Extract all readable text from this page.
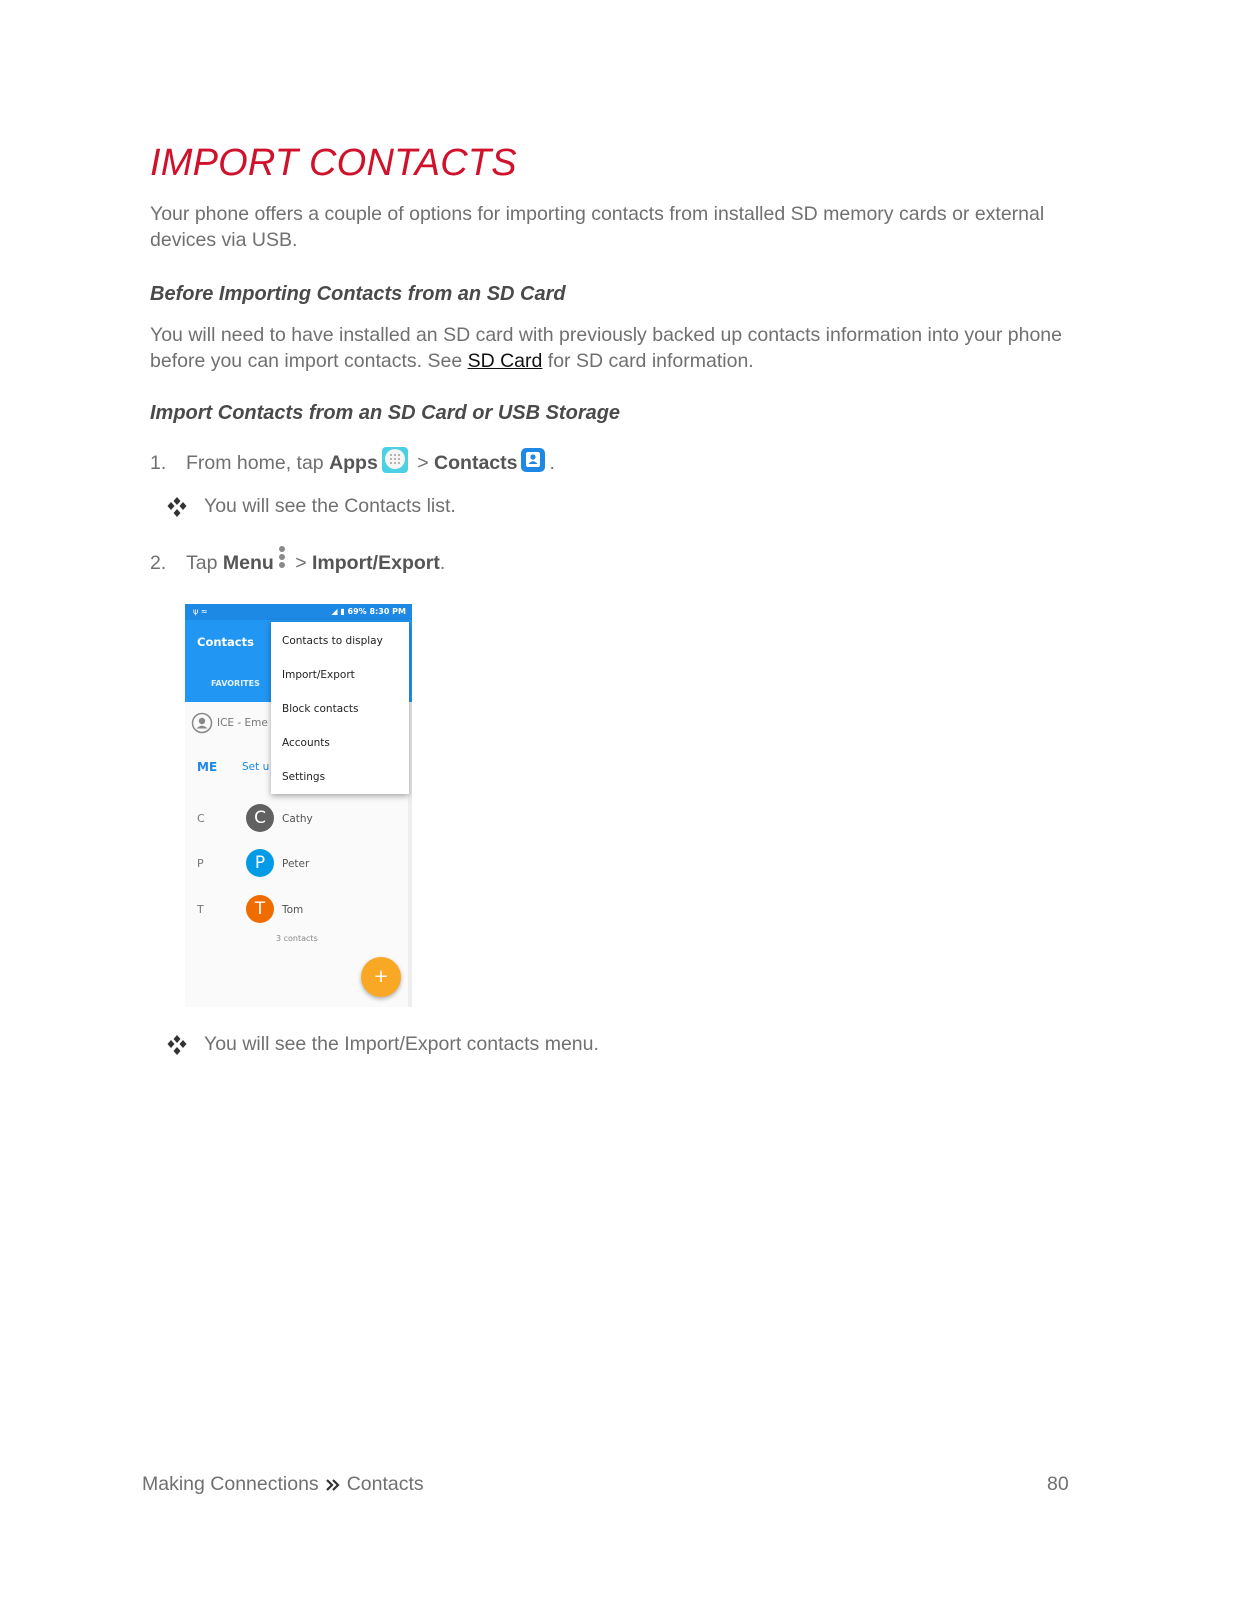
IMPORT CONTACTS

Your phone offers a couple of options for importing contacts from installed SD memory cards or external devices via USB.

Before Importing Contacts from an SD Card

You will need to have installed an SD card with previously backed up contacts information into your phone before you can import contacts. See SD Card for SD card information.

Import Contacts from an SD Card or USB Storage
1.	From home, tap Apps > Contacts .
You will see the Contacts list.
2.	Tap Menu > Import/Export .
ψ ≈	◢ ▮ 69% 8:30 PM
Contacts
FAVORITES
ICE - Eme
ME Set u
C	C	Cathy
P	P	Peter
T	T	Tom
3 contacts
+
Contacts to display
Import/Export
Block contacts
Accounts
Settings
You will see the Import/Export contacts menu.
Making Connections Contacts	80
